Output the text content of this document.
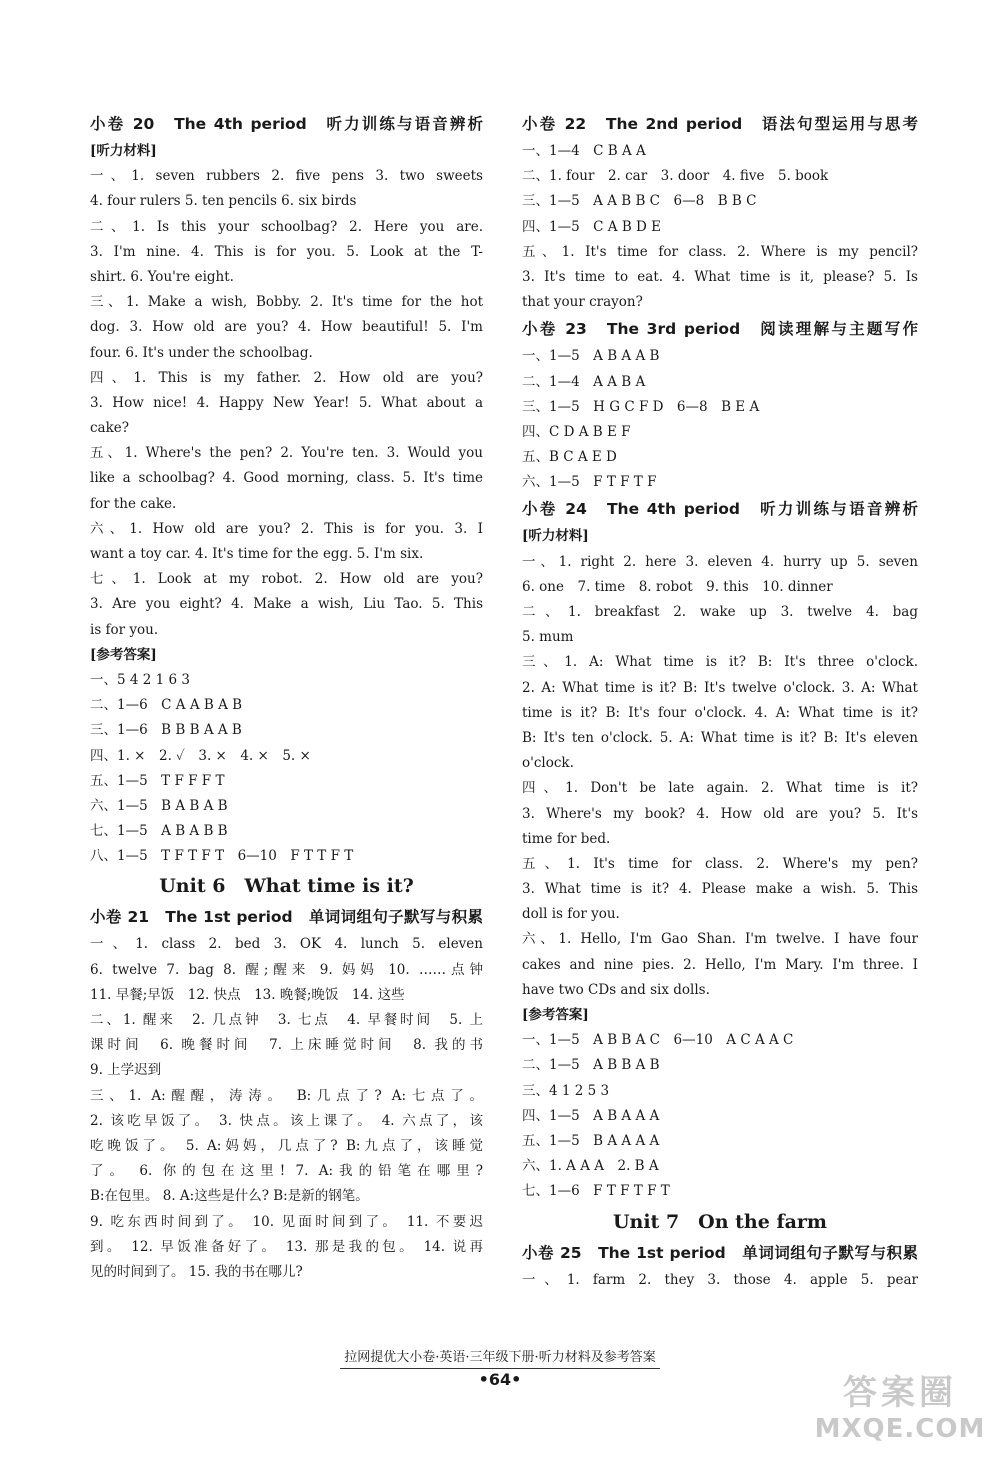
小卷 20　The 4th period　听力训练与语音辨析
[听力材料]
一、1. seven rubbers 2. five pens 3. two sweets
4. four rulers 5. ten pencils 6. six birds
二、1. Is this your schoolbag? 2. Here you are.
3. I'm nine. 4. This is for you. 5. Look at the T-
shirt. 6. You're eight.
三、1. Make a wish, Bobby. 2. It's time for the hot
dog. 3. How old are you? 4. How beautiful! 5. I'm
four. 6. It's under the schoolbag.
四、1. This is my father. 2. How old are you?
3. How nice! 4. Happy New Year! 5. What about a
cake?
五、1. Where's the pen? 2. You're ten. 3. Would you
like a schoolbag? 4. Good morning, class. 5. It's time
for the cake.
六、1. How old are you? 2. This is for you. 3. I
want a toy car. 4. It's time for the egg. 5. I'm six.
七、1. Look at my robot. 2. How old are you?
3. Are you eight? 4. Make a wish, Liu Tao. 5. This
is for you.
[参考答案]
一、5 4 2 1 6 3
二、1—6　C A A B A B
三、1—6　B B B A A B
四、1. ×　2. ✓　3. ×　4. ×　5. ×
五、1—5　T F F F T
六、1—5　B A B A B
七、1—5　A B A B B
八、1—5　T F T F T　6—10　F T T F T
Unit 6　What time is it?
小卷 21　The 1st period　单词词组句子默写与积累
一、1. class 2. bed 3. OK 4. lunch 5. eleven
6. twelve 7. bag 8. 醒;醒来 9. 妈妈 10. ……点钟
11. 早餐;早饭　12. 快点　13. 晚餐;晚饭　14. 这些
二、1. 醒来　2. 几点钟　3. 七点　4. 早餐时间　5. 上
课时间　6. 晚餐时间　7. 上床睡觉时间　8. 我的书
9. 上学迟到
三、1. A:醒醒，涛涛。 B:几点了? A:七点了。
2. 该吃早饭了。 3. 快点。该上课了。 4. 六点了，该
吃晚饭了。 5. A:妈妈，几点了? B:九点了，该睡觉
了。 6. 你的包在这里! 7. A:我的铅笔在哪里?
B:在包里。 8. A:这些是什么? B:是新的钢笔。
9. 吃东西时间到了。 10. 见面时间到了。 11. 不要迟
到。 12. 早饭准备好了。 13. 那是我的包。 14. 说再
见的时间到了。 15. 我的书在哪儿?
小卷 22　The 2nd period　语法句型运用与思考
一、1—4　C B A A
二、1. four　2. car　3. door　4. five　5. book
三、1—5　A A B B C　6—8　B B C
四、1—5　C A B D E
五、1. It's time for class. 2. Where is my pencil?
3. It's time to eat. 4. What time is it, please? 5. Is
that your crayon?
小卷 23　The 3rd period　阅读理解与主题写作
一、1—5　A B A A B
二、1—4　A A B A
三、1—5　H G C F D　6—8　B E A
四、C D A B E F
五、B C A E D
六、1—5　F T F T F
小卷 24　The 4th period　听力训练与语音辨析
[听力材料]
一、1. right 2. here 3. eleven 4. hurry up 5. seven
6. one　7. time　8. robot　9. this　10. dinner
二、1. breakfast 2. wake up 3. twelve 4. bag
5. mum
三、1. A: What time is it? B: It's three o'clock.
2. A: What time is it? B: It's twelve o'clock. 3. A: What
time is it? B: It's four o'clock. 4. A: What time is it?
B: It's ten o'clock. 5. A: What time is it? B: It's eleven
o'clock.
四、1. Don't be late again. 2. What time is it?
3. Where's my book? 4. How old are you? 5. It's
time for bed.
五、1. It's time for class. 2. Where's my pen?
3. What time is it? 4. Please make a wish. 5. This
doll is for you.
六、1. Hello, I'm Gao Shan. I'm twelve. I have four
cakes and nine pies. 2. Hello, I'm Mary. I'm three. I
have two CDs and six dolls.
[参考答案]
一、1—5　A B B A C　6—10　A C A A C
二、1—5　A B B A B
三、4 1 2 5 3
四、1—5　A B A A A
五、1—5　B A A A A
六、1. A A A　2. B A
七、1—6　F T F T F T
Unit 7　On the farm
小卷 25　The 1st period　单词词组句子默写与积累
一、1. farm 2. they 3. those 4. apple 5. pear
拉网提优大小卷·英语·三年级下册·听力材料及参考答案
•64•	答案圈
MXQE.COM
